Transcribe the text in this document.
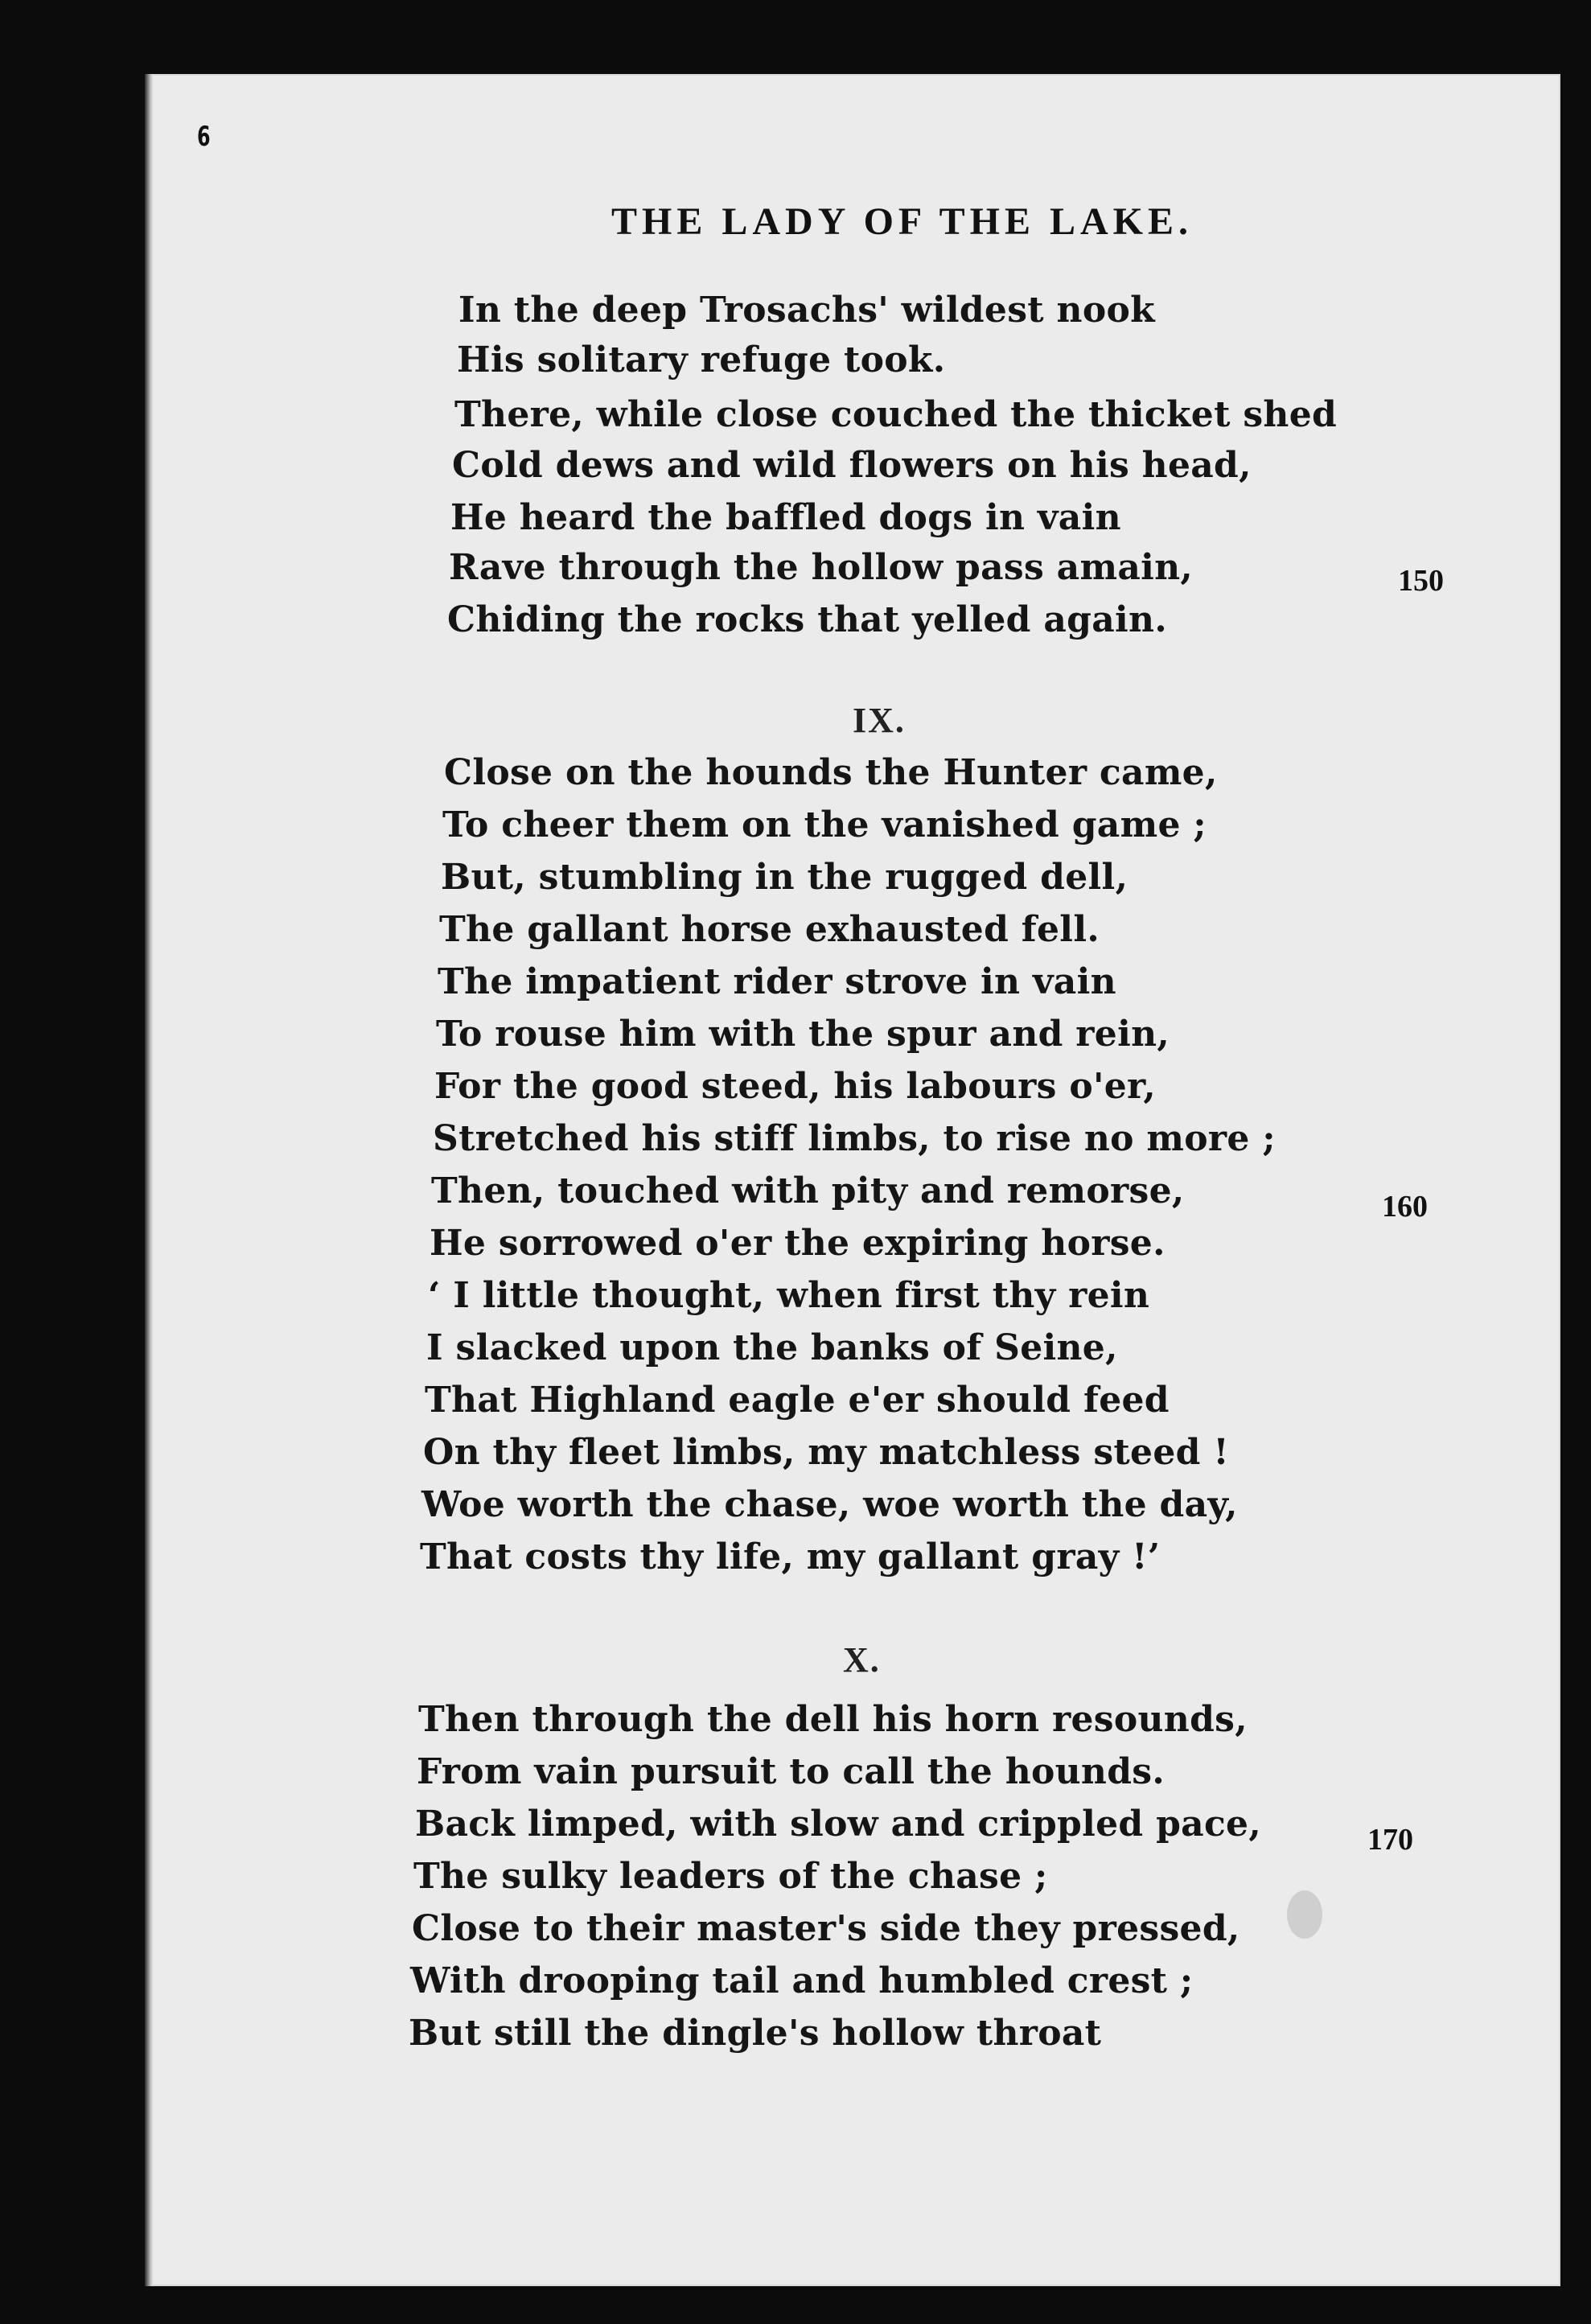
6
THE LADY OF THE LAKE.
In the deep Trosachs' wildest nook
His solitary refuge took.
There, while close couched the thicket shed
Cold dews and wild flowers on his head,
He heard the baffled dogs in vain
Rave through the hollow pass amain,	150
Chiding the rocks that yelled again.
IX.
Close on the hounds the Hunter came,
To cheer them on the vanished game ;
But, stumbling in the rugged dell,
The gallant horse exhausted fell.
The impatient rider strove in vain
To rouse him with the spur and rein,
For the good steed, his labours o'er,
Stretched his stiff limbs, to rise no more ;
Then, touched with pity and remorse,	160
He sorrowed o'er the expiring horse.
‘ I little thought, when first thy rein
I slacked upon the banks of Seine,
That Highland eagle e'er should feed
On thy fleet limbs, my matchless steed !
Woe worth the chase, woe worth the day,
That costs thy life, my gallant gray !’
X.
Then through the dell his horn resounds,
From vain pursuit to call the hounds.
Back limped, with slow and crippled pace,	170
The sulky leaders of the chase ;
Close to their master's side they pressed,
With drooping tail and humbled crest ;
But still the dingle's hollow throat
